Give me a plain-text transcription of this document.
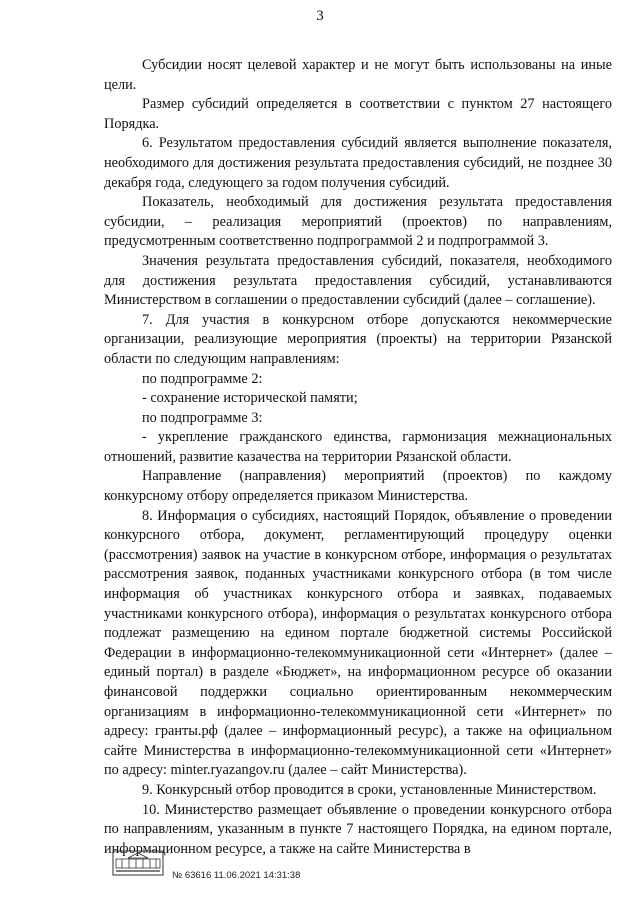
3

Субсидии носят целевой характер и не могут быть использованы на иные цели.

Размер субсидий определяется в соответствии с пунктом 27 настоящего Порядка.

6. Результатом предоставления субсидий является выполнение показателя, необходимого для достижения результата предоставления субсидий, не позднее 30 декабря года, следующего за годом получения субсидий.

Показатель, необходимый для достижения результата предоставления субсидии, – реализация мероприятий (проектов) по направлениям, предусмотренным соответственно подпрограммой 2 и подпрограммой 3.

Значения результата предоставления субсидий, показателя, необходимого для достижения результата предоставления субсидий, устанавливаются Министерством в соглашении о предоставлении субсидий (далее – соглашение).

7. Для участия в конкурсном отборе допускаются некоммерческие организации, реализующие мероприятия (проекты) на территории Рязанской области по следующим направлениям:

по подпрограмме 2:

- сохранение исторической памяти;

по подпрограмме 3:

- укрепление гражданского единства, гармонизация межнациональных отношений, развитие казачества на территории Рязанской области.

Направление (направления) мероприятий (проектов) по каждому конкурсному отбору определяется приказом Министерства.

8. Информация о субсидиях, настоящий Порядок, объявление о проведении конкурсного отбора, документ, регламентирующий процедуру оценки (рассмотрения) заявок на участие в конкурсном отборе, информация о результатах рассмотрения заявок, поданных участниками конкурсного отбора (в том числе информация об участниках конкурсного отбора и заявках, подаваемых участниками конкурсного отбора), информация о результатах конкурсного отбора подлежат размещению на едином портале бюджетной системы Российской Федерации в информационно-телекоммуникационной сети «Интернет» (далее – единый портал) в разделе «Бюджет», на информационном ресурсе об оказании финансовой поддержки социально ориентированным некоммерческим организациям в информационно-телекоммуникационной сети «Интернет» по адресу: гранты.рф (далее – информационный ресурс), а также на официальном сайте Министерства в информационно-телекоммуникационной сети «Интернет» по адресу: minter.ryazangov.ru (далее – сайт Министерства).

9. Конкурсный отбор проводится в сроки, установленные Министерством.

10. Министерство размещает объявление о проведении конкурсного отбора по направлениям, указанным в пункте 7 настоящего Порядка, на едином портале, информационном ресурсе, а также на сайте Министерства в

№ 63616 11.06.2021 14:31:38
